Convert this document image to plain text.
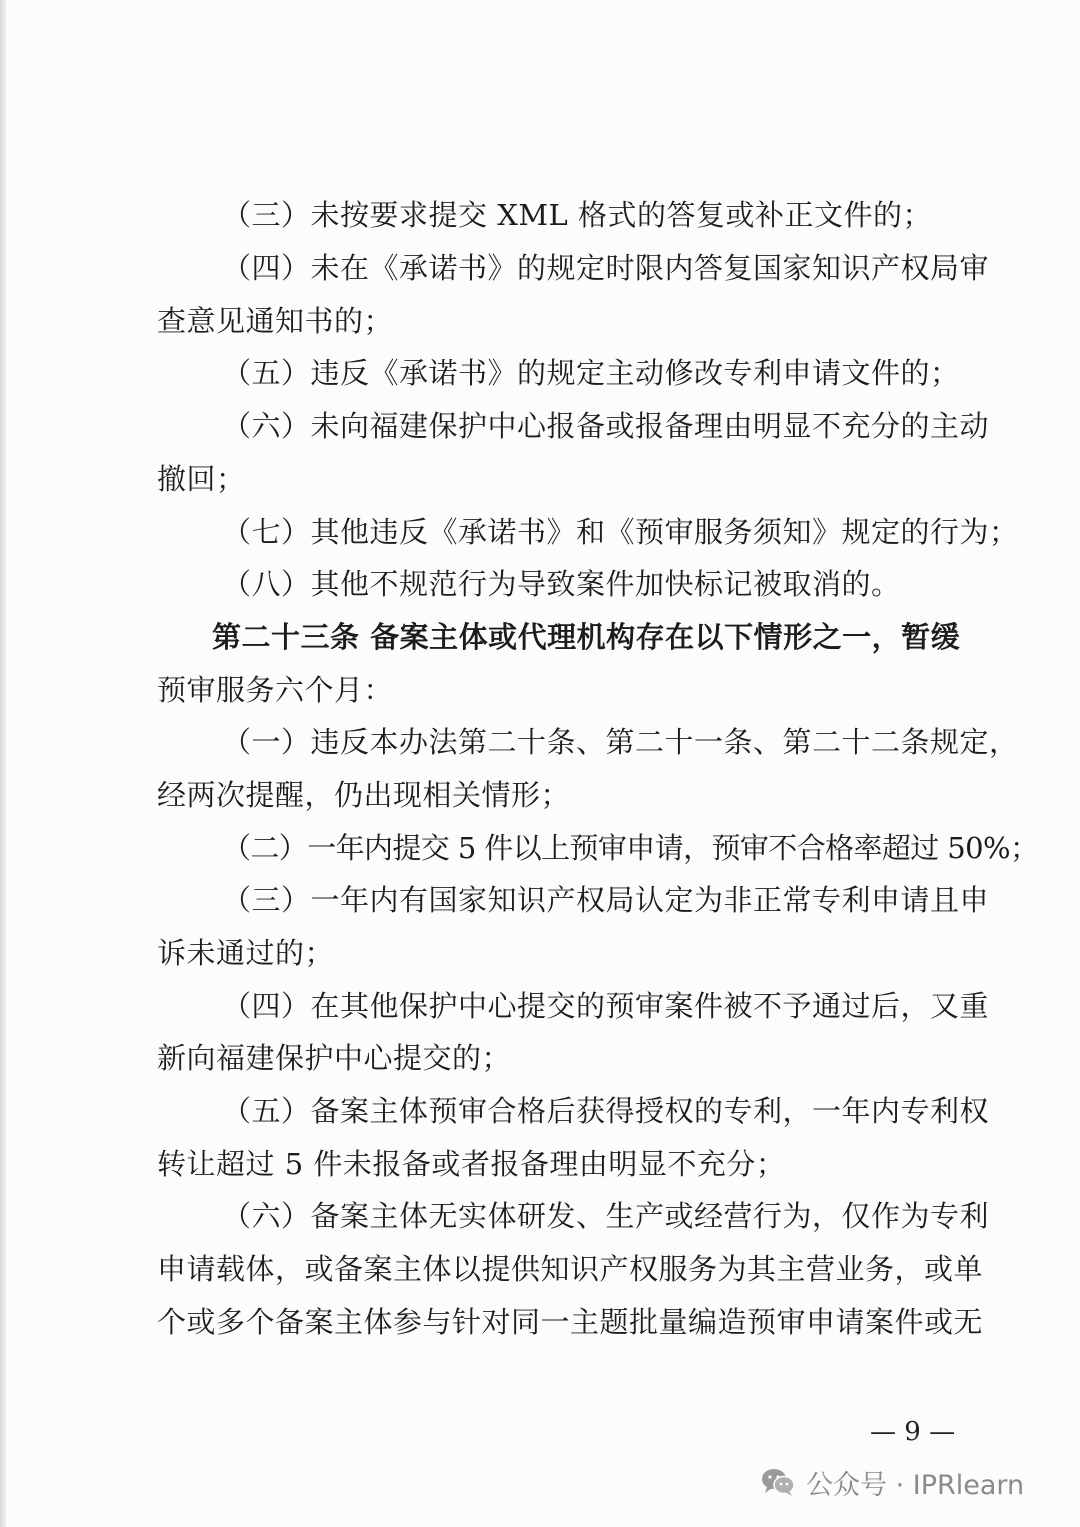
（三）未按要求提交 XML 格式的答复或补正文件的；
（四）未在《承诺书》的规定时限内答复国家知识产权局审
查意见通知书的；
（五）违反《承诺书》的规定主动修改专利申请文件的；
（六）未向福建保护中心报备或报备理由明显不充分的主动
撤回；
（七）其他违反《承诺书》和《预审服务须知》规定的行为；
（八）其他不规范行为导致案件加快标记被取消的。
第二十三条 备案主体或代理机构存在以下情形之一，暂缓
预审服务六个月：
（一）违反本办法第二十条、第二十一条、第二十二条规定，
经两次提醒，仍出现相关情形；
（二）一年内提交 5 件以上预审申请，预审不合格率超过 50%；
（三）一年内有国家知识产权局认定为非正常专利申请且申
诉未通过的；
（四）在其他保护中心提交的预审案件被不予通过后，又重
新向福建保护中心提交的；
（五）备案主体预审合格后获得授权的专利，一年内专利权
转让超过 5 件未报备或者报备理由明显不充分；
（六）备案主体无实体研发、生产或经营行为，仅作为专利
申请载体，或备案主体以提供知识产权服务为其主营业务，或单
个或多个备案主体参与针对同一主题批量编造预审申请案件或无
— 9 —
公众号 · IPRlearn
